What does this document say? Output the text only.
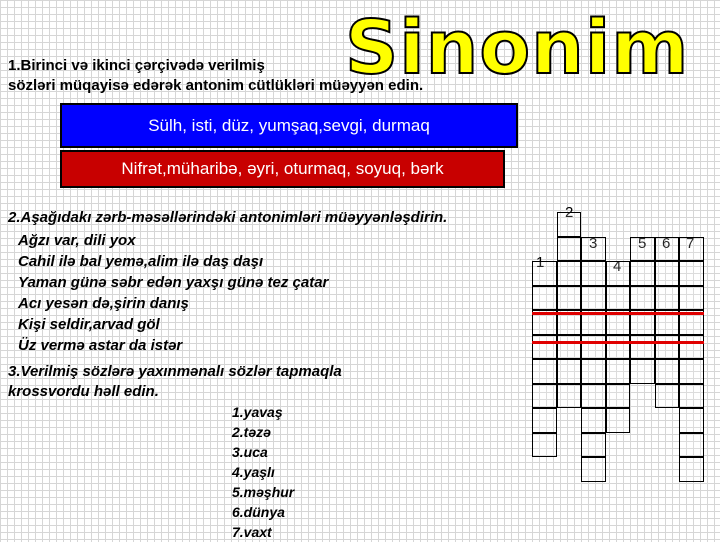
Sinonim
1.Birinci və ikinci çərçivədə verilmiş
sözləri müqayisə edərək antonim cütlükləri müəyyən edin.
Sülh, isti, düz, yumşaq,sevgi, durmaq
Nifrət,müharibə, əyri, oturmaq, soyuq, bərk
2.Aşağıdakı zərb-məsəllərindəki antonimləri müəyyənləşdirin.
Ağzı var, dili yox
Cahil ilə bal yemə,alim ilə daş daşı
Yaman günə səbr edən yaxşı günə tez çatar
Acı yesən də,şirin danış
Kişi seldir,arvad göl
Üz vermə astar da istər
3.Verilmiş sözlərə yaxınmənalı sözlər tapmaqla
krossvordu həll edin.
1.yavaş
2.təzə
3.uca
4.yaşlı
5.məşhur
6.dünya
7.vaxt
1
2
3
4
5 6 7
